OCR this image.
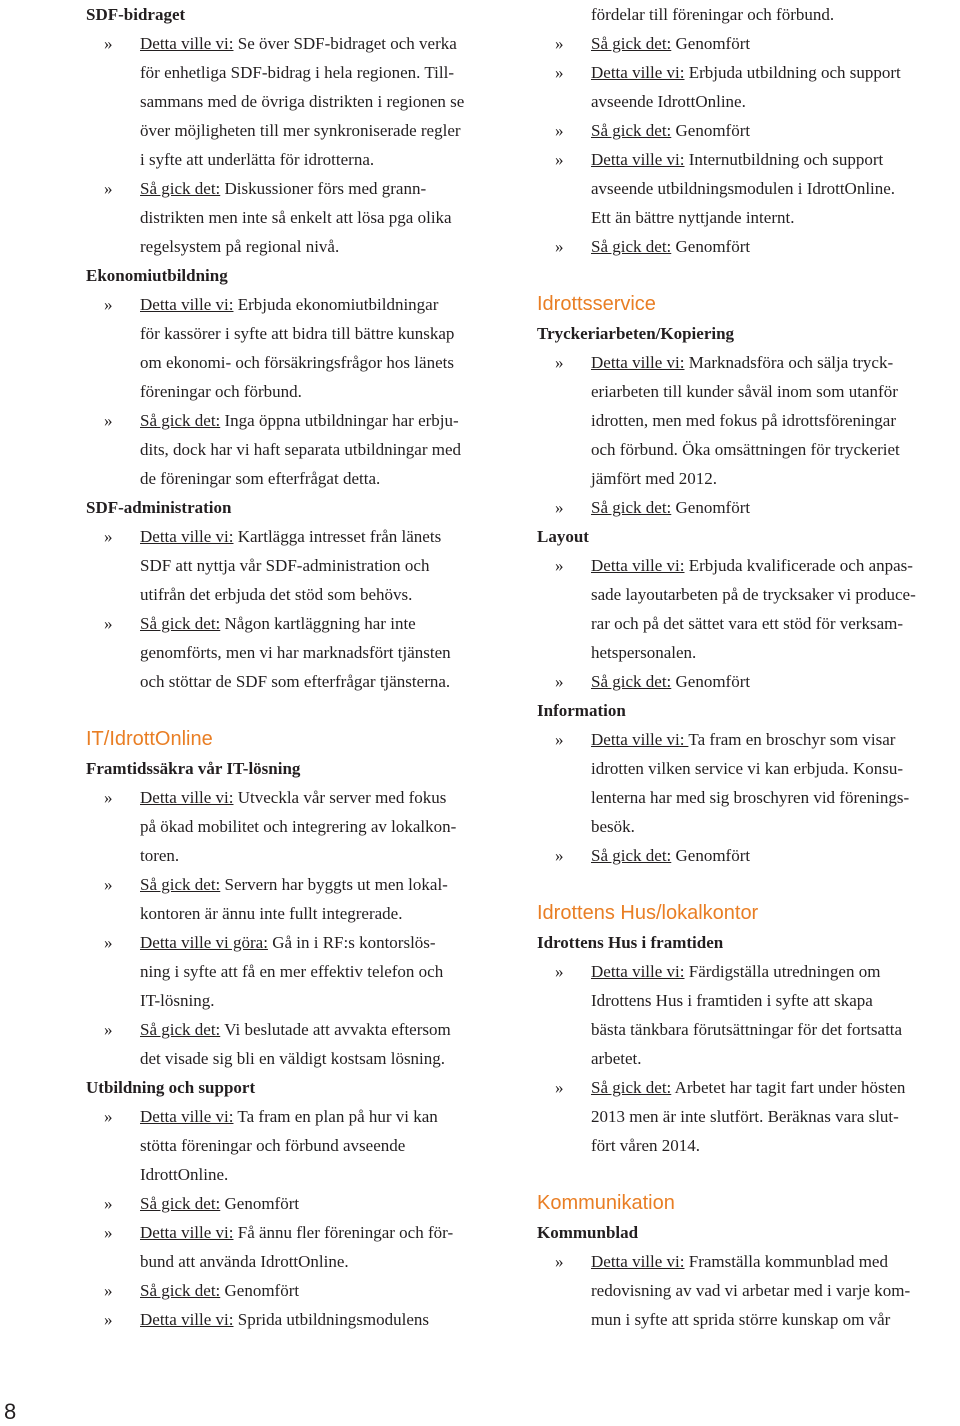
SDF-bidraget
» Detta ville vi: Se över SDF-bidraget och verka
för enhetliga SDF-bidrag i hela regionen. Till-
sammans med de övriga distrikten i regionen se
över möjligheten till mer synkroniserade regler
i syfte att underlätta för idrotterna.
» Så gick det: Diskussioner förs med grann-
distrikten men inte så enkelt att lösa pga olika
regelsystem på regional nivå.
Ekonomiutbildning
» Detta ville vi: Erbjuda ekonomiutbildningar
för kassörer i syfte att bidra till bättre kunskap
om ekonomi- och försäkringsfrågor hos länets
föreningar och förbund.
» Så gick det: Inga öppna utbildningar har erbju-
dits, dock har vi haft separata utbildningar med
de föreningar som efterfrågat detta.
SDF-administration
» Detta ville vi: Kartlägga intresset från länets
SDF att nyttja vår SDF-administration och
utifrån det erbjuda det stöd som behövs.
» Så gick det: Någon kartläggning har inte
genomförts, men vi har marknadsfört tjänsten
och stöttar de SDF som efterfrågar tjänsterna.
IT/IdrottOnline
Framtidssäkra vår IT-lösning
» Detta ville vi: Utveckla vår server med fokus
på ökad mobilitet och integrering av lokalkon-
toren.
» Så gick det: Servern har byggts ut men lokal-
kontoren är ännu inte fullt integrerade.
» Detta ville vi göra: Gå in i RF:s kontorslös-
ning i syfte att få en mer effektiv telefon och
IT-lösning.
» Så gick det: Vi beslutade att avvakta eftersom
det visade sig bli en väldigt kostsam lösning.
Utbildning och support
» Detta ville vi: Ta fram en plan på hur vi kan
stötta föreningar och förbund avseende
IdrottOnline.
» Så gick det: Genomfört
» Detta ville vi: Få ännu fler föreningar och för-
bund att använda IdrottOnline.
» Så gick det: Genomfört
» Detta ville vi: Sprida utbildningsmodulens
fördelar till föreningar och förbund.
» Så gick det: Genomfört
» Detta ville vi: Erbjuda utbildning och support
avseende IdrottOnline.
» Så gick det: Genomfört
» Detta ville vi: Internutbildning och support
avseende utbildningsmodulen i IdrottOnline.
Ett än bättre nyttjande internt.
» Så gick det: Genomfört
Idrottsservice
Tryckeriarbeten/Kopiering
» Detta ville vi: Marknadsföra och sälja tryck-
eriarbeten till kunder såväl inom som utanför
idrotten, men med fokus på idrottsföreningar
och förbund. Öka omsättningen för tryckeriet
jämfört med 2012.
» Så gick det: Genomfört
Layout
» Detta ville vi: Erbjuda kvalificerade och anpas-
sade layoutarbeten på de trycksaker vi produce-
rar och på det sättet vara ett stöd för verksam-
hetspersonalen.
» Så gick det: Genomfört
Information
» Detta ville vi: Ta fram en broschyr som visar
idrotten vilken service vi kan erbjuda. Konsu-
lenterna har med sig broschyren vid förenings-
besök.
» Så gick det: Genomfört
Idrottens Hus/lokalkontor
Idrottens Hus i framtiden
» Detta ville vi: Färdigställa utredningen om
Idrottens Hus i framtiden i syfte att skapa
bästa tänkbara förutsättningar för det fortsatta
arbetet.
» Så gick det: Arbetet har tagit fart under hösten
2013 men är inte slutfört. Beräknas vara slut-
fört våren 2014.
Kommunikation
Kommunblad
» Detta ville vi: Framställa kommunblad med
redovisning av vad vi arbetar med i varje kom-
mun i syfte att sprida större kunskap om vår
8
